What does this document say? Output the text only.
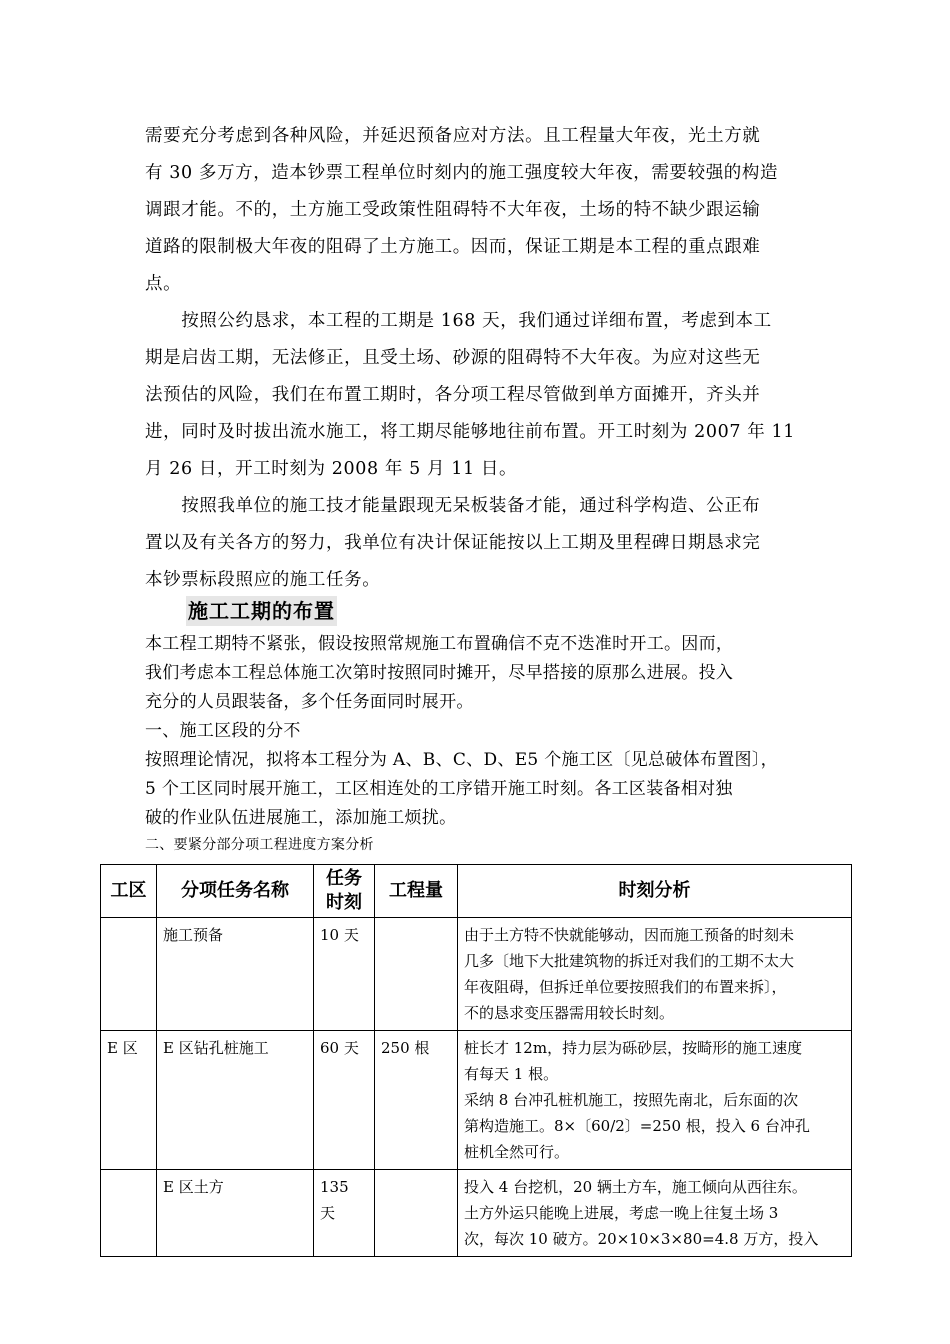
需要充分考虑到各种风险，并延迟预备应对方法。且工程量大年夜，光土方就
有 30 多万方，造本钞票工程单位时刻内的施工强度较大年夜，需要较强的构造
调跟才能。不的，土方施工受政策性阻碍特不大年夜，土场的特不缺少跟运输
道路的限制极大年夜的阻碍了土方施工。因而，保证工期是本工程的重点跟难
点。
　　按照公约恳求，本工程的工期是 168 天，我们通过详细布置，考虑到本工
期是启齿工期，无法修正，且受土场、砂源的阻碍特不大年夜。为应对这些无
法预估的风险，我们在布置工期时，各分项工程尽管做到单方面摊开，齐头并
进，同时及时拔出流水施工，将工期尽能够地往前布置。开工时刻为 2007 年 11
月 26 日，开工时刻为 2008 年 5 月 11 日。
　　按照我单位的施工技才能量跟现无呆板装备才能，通过科学构造、公正布
置以及有关各方的努力，我单位有决计保证能按以上工期及里程碑日期恳求完
本钞票标段照应的施工任务。
施工工期的布置
本工程工期特不紧张，假设按照常规施工布置确信不克不迭准时开工。因而，
我们考虑本工程总体施工次第时按照同时摊开，尽早搭接的原那么进展。投入
充分的人员跟装备，多个任务面同时展开。
一、施工区段的分不
按照理论情况，拟将本工程分为 A、B、C、D、E5 个施工区〔见总破体布置图〕，
5 个工区同时展开施工，工区相连处的工序错开施工时刻。各工区装备相对独
破的作业队伍进展施工，添加施工烦扰。
二、要紧分部分项工程进度方案分析
工区	分项任务名称	任务时刻	工程量	时刻分析
	施工预备	10 天		由于土方特不快就能够动，因而施工预备的时刻未
几多〔地下大批建筑物的拆迁对我们的工期不太大
年夜阻碍，但拆迁单位要按照我们的布置来拆〕，
不的恳求变压器需用较长时刻。

E 区	E 区钻孔桩施工	60 天	250 根	桩长才 12m，持力层为砾砂层，按畸形的施工速度
有每天 1 根。
采纳 8 台冲孔桩机施工，按照先南北，后东面的次
第构造施工。8×〔60/2〕=250 根，投入 6 台冲孔
桩机全然可行。

	E 区土方	135 天		投入 4 台挖机，20 辆土方车，施工倾向从西往东。
土方外运只能晚上进展，考虑一晚上往复土场 3
次，每次 10 破方。20×10×3×80=4.8 万方，投入
